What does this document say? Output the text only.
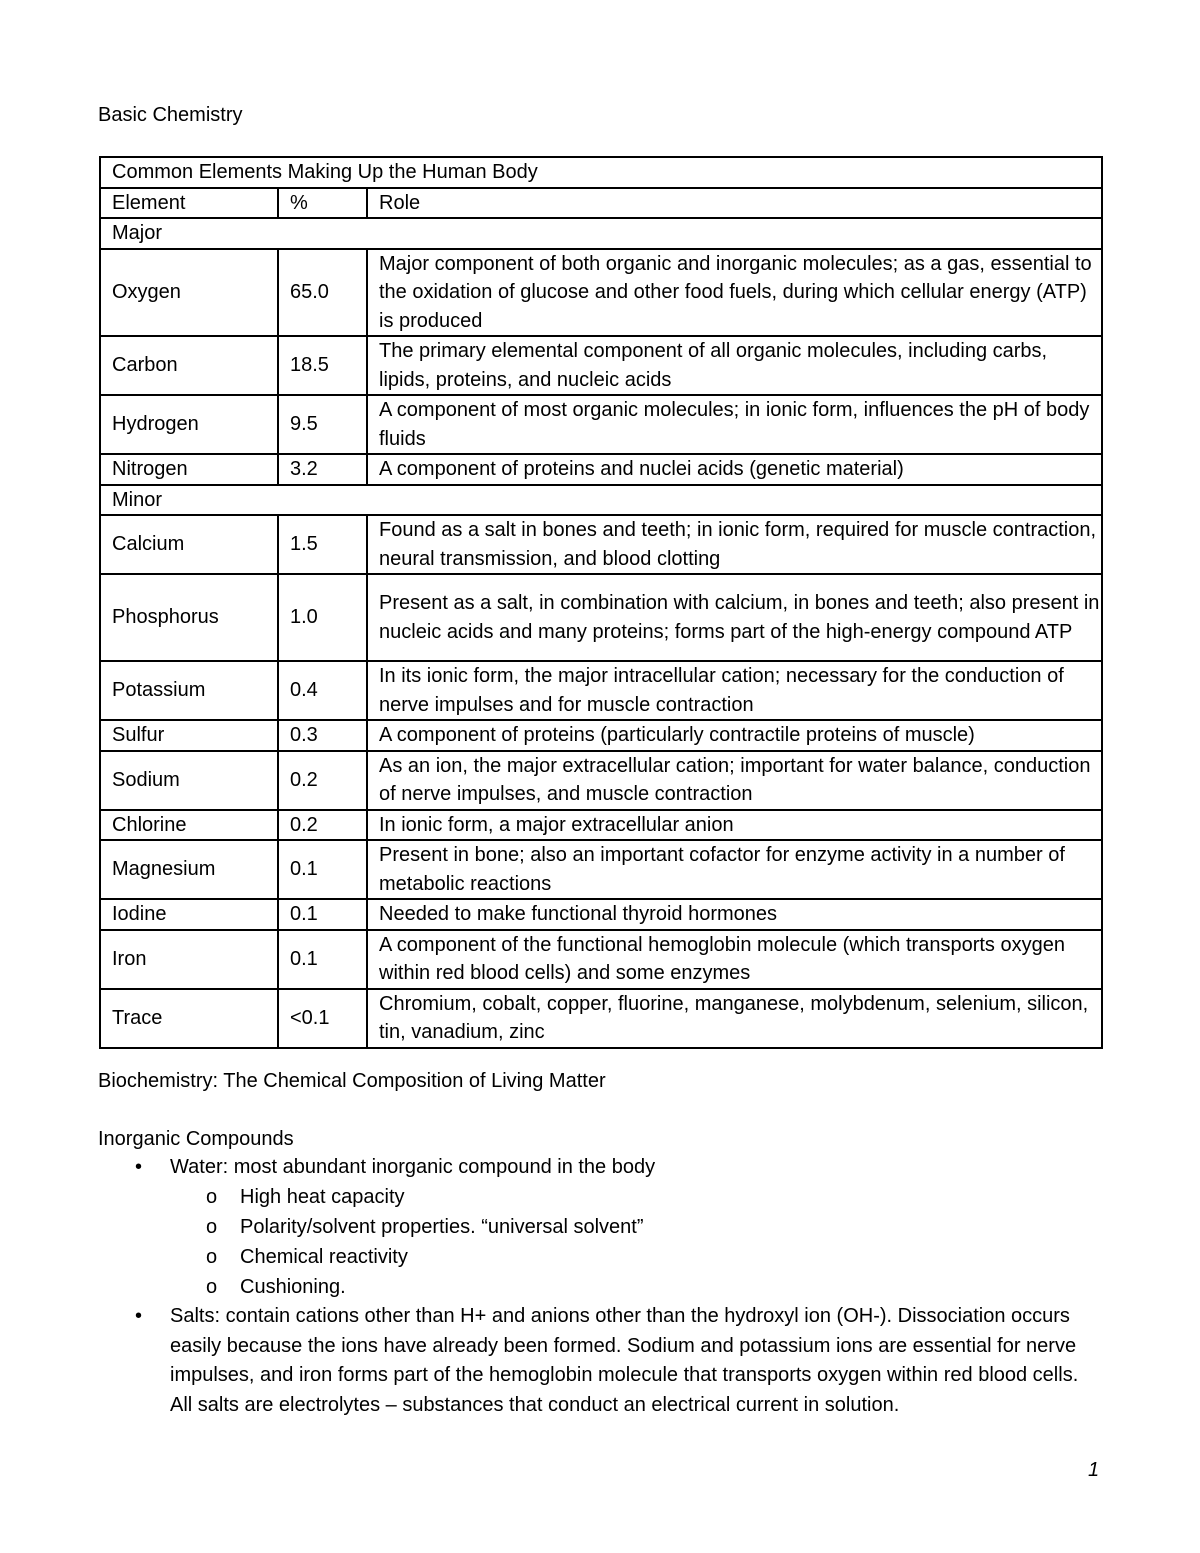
Basic Chemistry
Common Elements Making Up the Human Body		
Element	%	Role
Major		
Oxygen	65.0	Major component of both organic and inorganic molecules; as a gas, essential to the oxidation of glucose and other food fuels, during which cellular energy (ATP) is produced
Carbon	18.5	The primary elemental component of all organic molecules, including carbs, lipids, proteins, and nucleic acids
Hydrogen	9.5	A component of most organic molecules; in ionic form, influences the pH of body fluids
Nitrogen	3.2	A component of proteins and nuclei acids (genetic material)
Minor		
Calcium	1.5	Found as a salt in bones and teeth; in ionic form, required for muscle contraction, neural transmission, and blood clotting
Phosphorus	1.0	Present as a salt, in combination with calcium, in bones and teeth; also present in nucleic acids and many proteins; forms part of the high-energy compound ATP
Potassium	0.4	In its ionic form, the major intracellular cation; necessary for the conduction of nerve impulses and for muscle contraction
Sulfur	0.3	A component of proteins (particularly contractile proteins of muscle)
Sodium	0.2	As an ion, the major extracellular cation; important for water balance, conduction of nerve impulses, and muscle contraction
Chlorine	0.2	In ionic form, a major extracellular anion
Magnesium	0.1	Present in bone; also an important cofactor for enzyme activity in a number of metabolic reactions
Iodine	0.1	Needed to make functional thyroid hormones
Iron	0.1	A component of the functional hemoglobin molecule (which transports oxygen within red blood cells) and some enzymes
Trace	<0.1	Chromium, cobalt, copper, fluorine, manganese, molybdenum, selenium, silicon, tin, vanadium, zinc
Biochemistry: The Chemical Composition of Living Matter
Inorganic Compounds
• Water: most abundant inorganic compound in the body
o High heat capacity
o Polarity/solvent properties. “universal solvent”
o Chemical reactivity
o Cushioning.
• Salts: contain cations other than H+ and anions other than the hydroxyl ion (OH-). Dissociation occurs easily because the ions have already been formed. Sodium and potassium ions are essential for nerve impulses, and iron forms part of the hemoglobin molecule that transports oxygen within red blood cells. All salts are electrolytes – substances that conduct an electrical current in solution.
1
